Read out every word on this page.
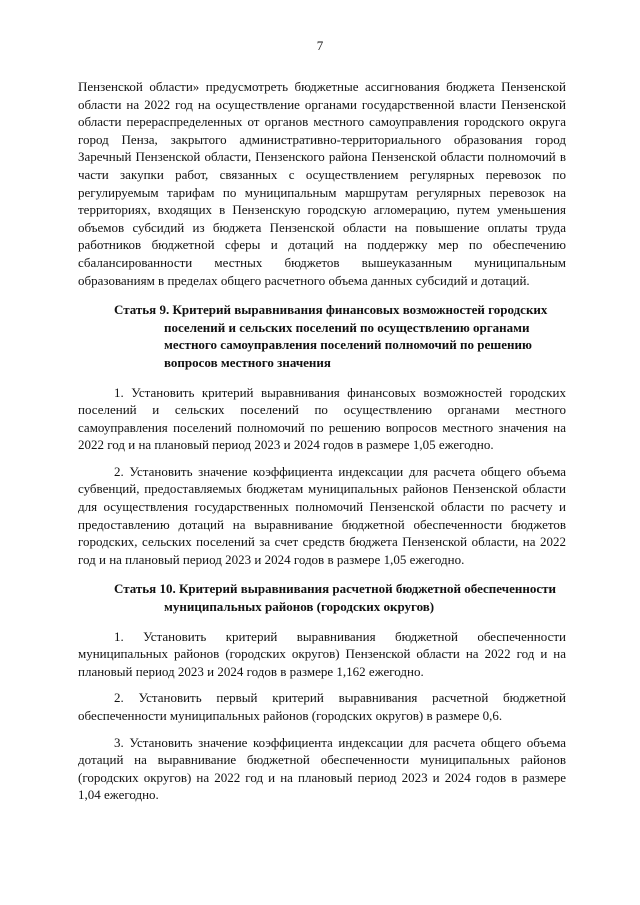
7

Пензенской области» предусмотреть бюджетные ассигнования бюджета Пензенской области на 2022 год на осуществление органами государственной власти Пензенской области перераспределенных от органов местного самоуправления городского округа город Пенза, закрытого административно-территориального образования город Заречный Пензенской области, Пензенского района Пензенской области полномочий в части закупки работ, связанных с осуществлением регулярных перевозок по регулируемым тарифам по муниципальным маршрутам регулярных перевозок на территориях, входящих в Пензенскую городскую агломерацию, путем уменьшения объемов субсидий из бюджета Пензенской области на повышение оплаты труда работников бюджетной сферы и дотаций на поддержку мер по обеспечению сбалансированности местных бюджетов вышеуказанным муниципальным образованиям в пределах общего расчетного объема данных субсидий и дотаций.

Статья 9. Критерий выравнивания финансовых возможностей городских
поселений и сельских поселений по осуществлению органами местного самоуправления поселений полномочий по решению вопросов местного значения

1. Установить критерий выравнивания финансовых возможностей городских поселений и сельских поселений по осуществлению органами местного самоуправления поселений полномочий по решению вопросов местного значения на 2022 год и на плановый период 2023 и 2024 годов в размере 1,05 ежегодно.

2. Установить значение коэффициента индексации для расчета общего объема субвенций, предоставляемых бюджетам муниципальных районов Пензенской области для осуществления государственных полномочий Пензенской области по расчету и предоставлению дотаций на выравнивание бюджетной обеспеченности бюджетов городских, сельских поселений за счет средств бюджета Пензенской области, на 2022 год и на плановый период 2023 и 2024 годов в размере 1,05 ежегодно.

Статья 10. Критерий выравнивания расчетной бюджетной обеспеченности
муниципальных районов (городских округов)

1. Установить критерий выравнивания бюджетной обеспеченности муниципальных районов (городских округов) Пензенской области на 2022 год и на плановый период 2023 и 2024 годов в размере 1,162 ежегодно.

2. Установить первый критерий выравнивания расчетной бюджетной обеспеченности муниципальных районов (городских округов) в размере 0,6.

3. Установить значение коэффициента индексации для расчета общего объема дотаций на выравнивание бюджетной обеспеченности муниципальных районов (городских округов) на 2022 год и на плановый период 2023 и 2024 годов в размере 1,04 ежегодно.
